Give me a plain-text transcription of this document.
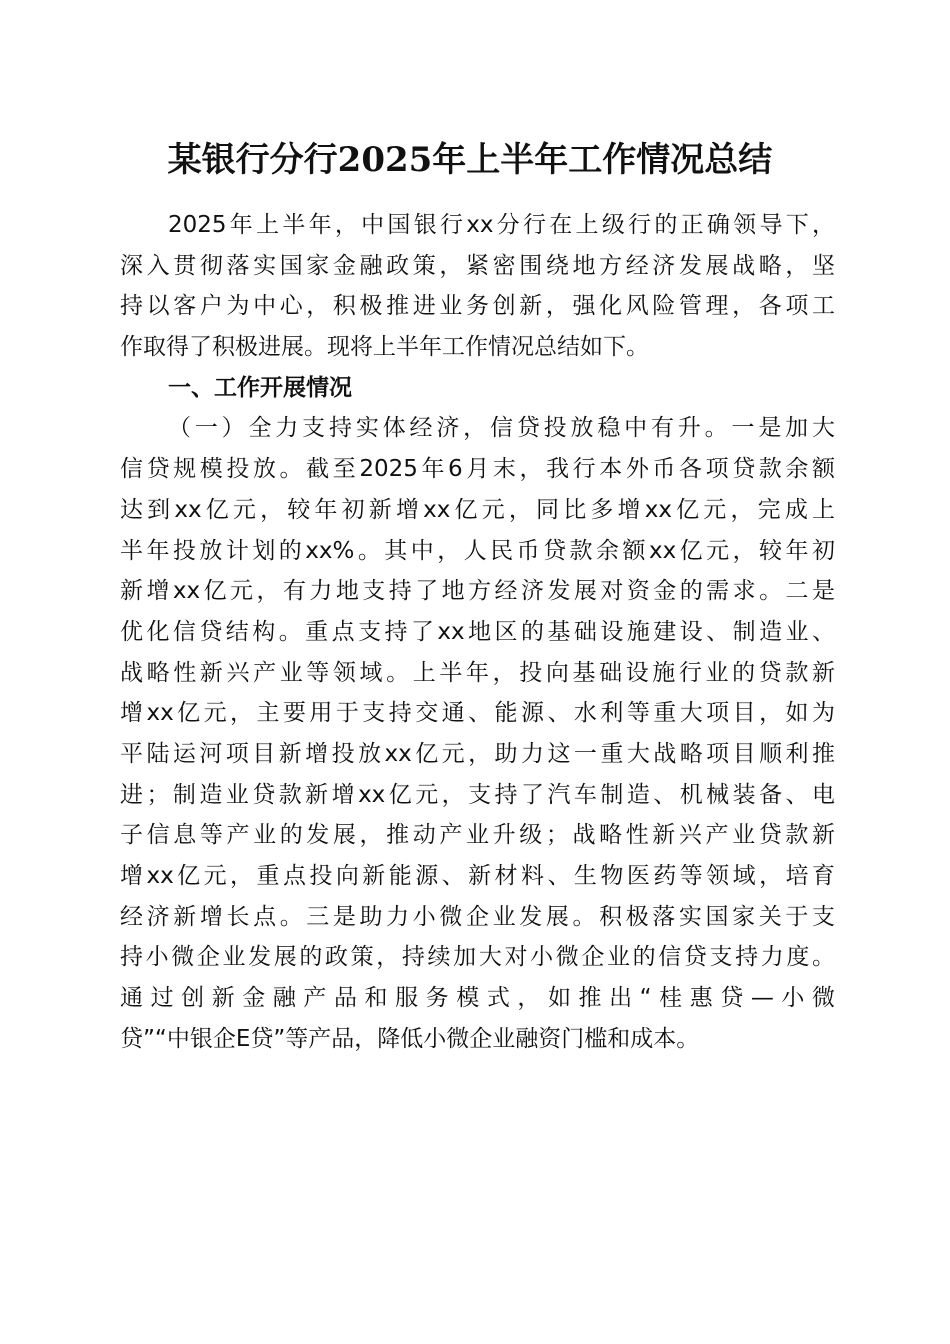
某银行分行2025年上半年工作情况总结
2025年上半年，中国银行xx分行在上级行的正确领导下，
深入贯彻落实国家金融政策，紧密围绕地方经济发展战略，坚
持以客户为中心，积极推进业务创新，强化风险管理，各项工
作取得了积极进展。现将上半年工作情况总结如下。
一、工作开展情况
（一）全力支持实体经济，信贷投放稳中有升。一是加大
信贷规模投放。截至2025年6月末，我行本外币各项贷款余额
达到xx亿元，较年初新增xx亿元，同比多增xx亿元，完成上
半年投放计划的xx%。其中，人民币贷款余额xx亿元，较年初
新增xx亿元，有力地支持了地方经济发展对资金的需求。二是
优化信贷结构。重点支持了xx地区的基础设施建设、制造业、
战略性新兴产业等领域。上半年，投向基础设施行业的贷款新
增xx亿元，主要用于支持交通、能源、水利等重大项目，如为
平陆运河项目新增投放xx亿元，助力这一重大战略项目顺利推
进；制造业贷款新增xx亿元，支持了汽车制造、机械装备、电
子信息等产业的发展，推动产业升级；战略性新兴产业贷款新
增xx亿元，重点投向新能源、新材料、生物医药等领域，培育
经济新增长点。三是助力小微企业发展。积极落实国家关于支
持小微企业发展的政策，持续加大对小微企业的信贷支持力度。
通过创新金融产品和服务模式，如推出“桂惠贷—小微
贷”“中银企E贷”等产品，降低小微企业融资门槛和成本。
